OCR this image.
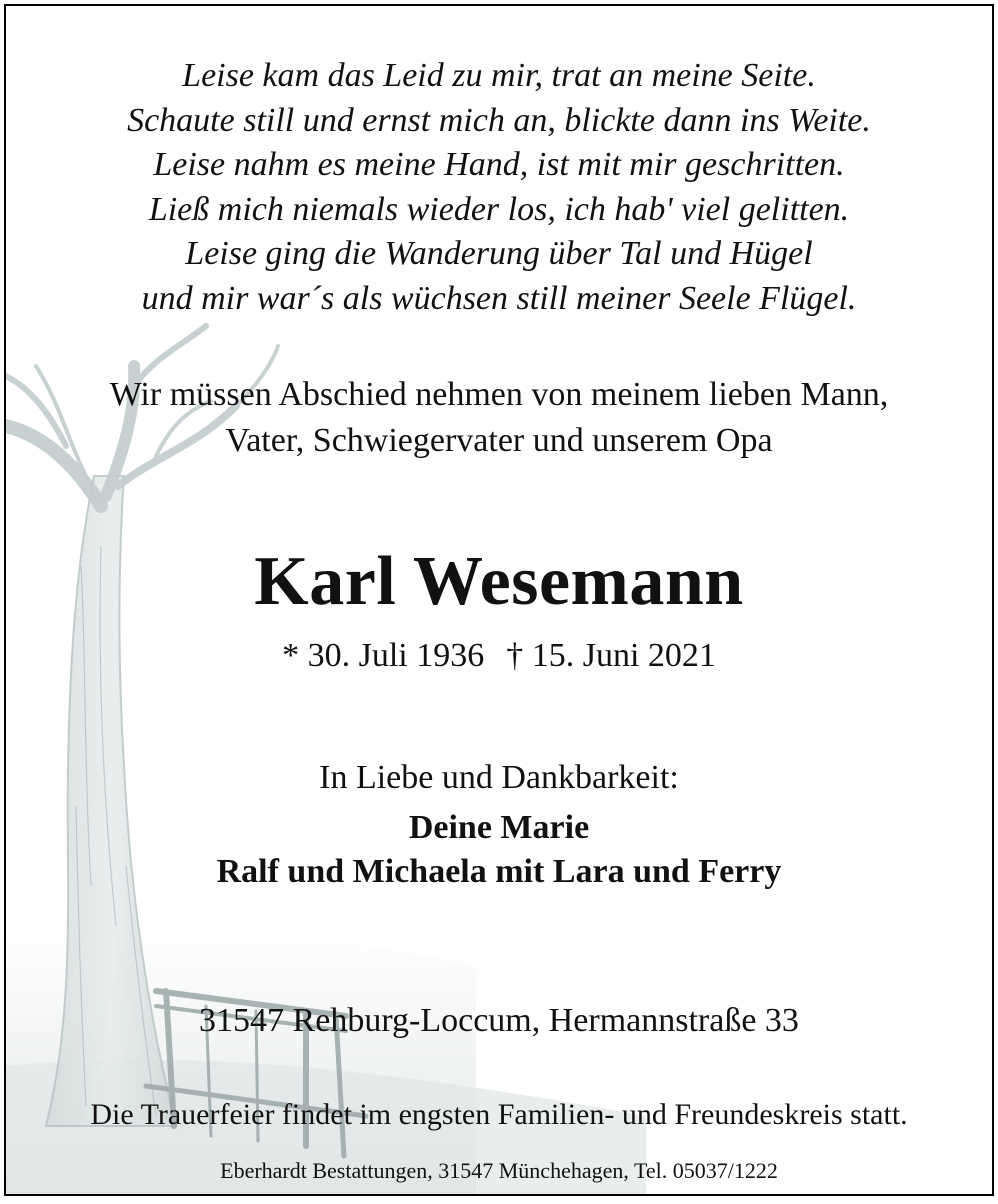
Leise kam das Leid zu mir, trat an meine Seite.
Schaute still und ernst mich an, blickte dann ins Weite.
Leise nahm es meine Hand, ist mit mir geschritten.
Ließ mich niemals wieder los, ich hab' viel gelitten.
Leise ging die Wanderung über Tal und Hügel
und mir war´s als wüchsen still meiner Seele Flügel.
Wir müssen Abschied nehmen von meinem lieben Mann,
Vater, Schwiegervater und unserem Opa
Karl Wesemann
* 30. Juli 1936 † 15. Juni 2021
In Liebe und Dankbarkeit:
Deine Marie
Ralf und Michaela mit Lara und Ferry
31547 Rehburg-Loccum, Hermannstraße 33
Die Trauerfeier findet im engsten Familien- und Freundeskreis statt.
Eberhardt Bestattungen, 31547 Münchehagen, Tel. 05037/1222
